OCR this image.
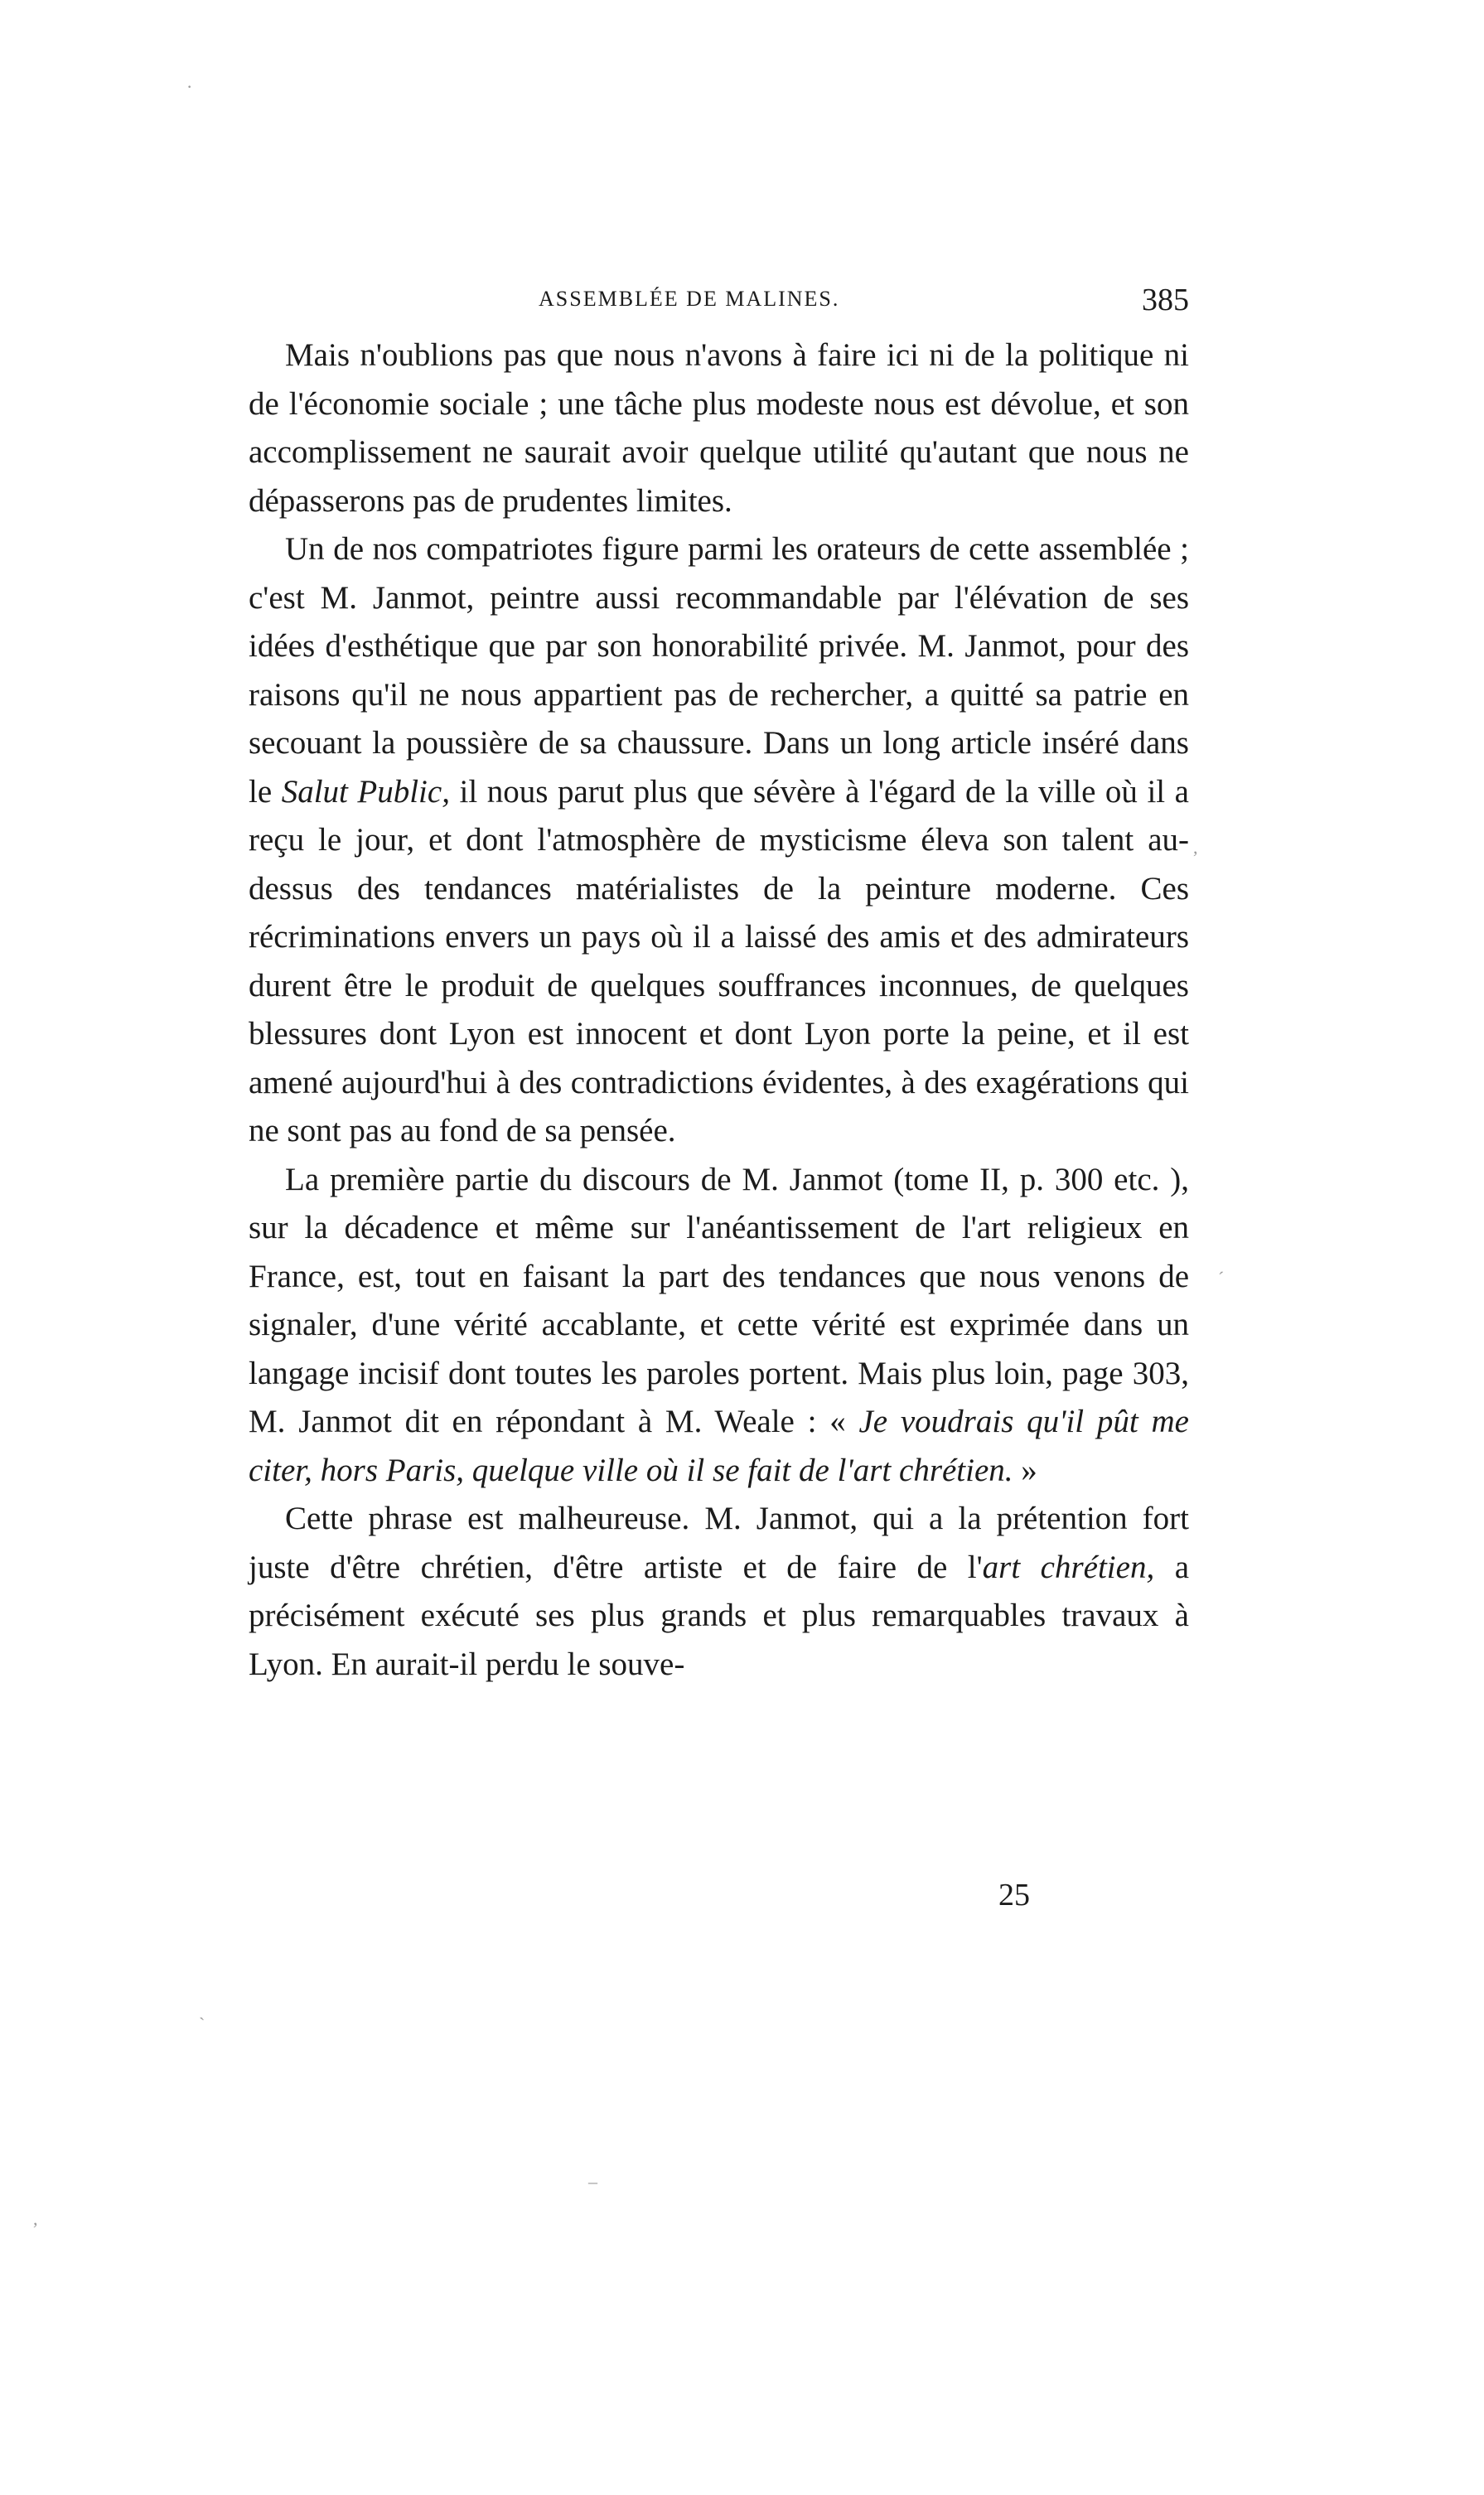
ASSEMBLÉE DE MALINES.	385

Mais n'oublions pas que nous n'avons à faire ici ni de la politique ni de l'économie sociale ; une tâche plus modeste nous est dévolue, et son accomplissement ne saurait avoir quelque utilité qu'autant que nous ne dépasserons pas de prudentes limites.

Un de nos compatriotes figure parmi les orateurs de cette assemblée ; c'est M. Janmot, peintre aussi recommandable par l'élévation de ses idées d'esthétique que par son honorabilité privée. M. Janmot, pour des raisons qu'il ne nous appartient pas de rechercher, a quitté sa patrie en secouant la poussière de sa chaussure. Dans un long article inséré dans le Salut Public, il nous parut plus que sévère à l'égard de la ville où il a reçu le jour, et dont l'atmosphère de mysticisme éleva son talent au-dessus des tendances matérialistes de la peinture moderne. Ces récriminations envers un pays où il a laissé des amis et des admirateurs durent être le produit de quelques souffrances inconnues, de quelques blessures dont Lyon est innocent et dont Lyon porte la peine, et il est amené aujourd'hui à des contradictions évidentes, à des exagérations qui ne sont pas au fond de sa pensée.

La première partie du discours de M. Janmot (tome II, p. 300 etc. ), sur la décadence et même sur l'anéantissement de l'art religieux en France, est, tout en faisant la part des tendances que nous venons de signaler, d'une vérité accablante, et cette vérité est exprimée dans un langage incisif dont toutes les paroles portent. Mais plus loin, page 303, M. Janmot dit en répondant à M. Weale : « Je voudrais qu'il pût me citer, hors Paris, quelque ville où il se fait de l'art chrétien. »

Cette phrase est malheureuse. M. Janmot, qui a la prétention fort juste d'être chrétien, d'être artiste et de faire de l'art chrétien, a précisément exécuté ses plus grands et plus remarquables travaux à Lyon. En aurait-il perdu le souve-

25
·
´
,
`
–
,
